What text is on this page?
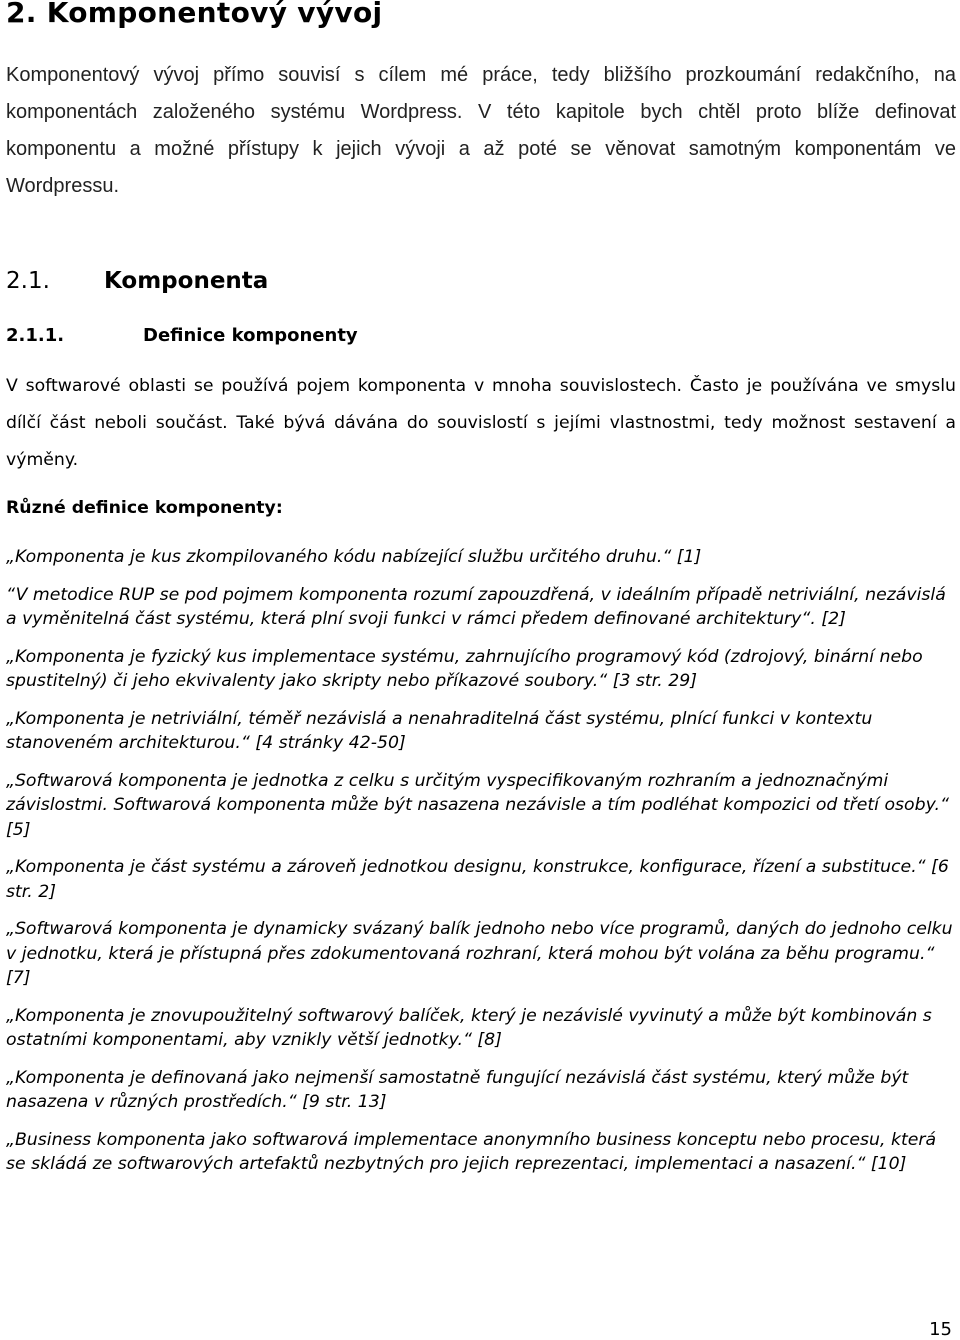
2. Komponentový vývoj

Komponentový vývoj přímo souvisí s cílem mé práce, tedy bližšího prozkoumání redakčního, na komponentách založeného systému Wordpress. V této kapitole bych chtěl proto blíže definovat komponentu a možné přístupy k jejich vývoji a až poté se věnovat samotným komponentám ve Wordpressu.

2.1. Komponenta
2.1.1.	Definice komponenty

V softwarové oblasti se používá pojem komponenta v mnoha souvislostech. Často je používána ve smyslu dílčí část neboli součást. Také bývá dávána do souvislostí s jejími vlastnostmi, tedy možnost sestavení a výměny.

Různé definice komponenty:

„Komponenta je kus zkompilovaného kódu nabízející službu určitého druhu.“ [1]
“V metodice RUP se pod pojmem komponenta rozumí zapouzdřená, v ideálním případě netriviální, nezávislá a vyměnitelná část systému, která plní svoji funkci v rámci předem definované architektury“. [2]
„Komponenta je fyzický kus implementace systému, zahrnujícího programový kód (zdrojový, binární nebo spustitelný) či jeho ekvivalenty jako skripty nebo příkazové soubory.“ [3 str. 29]
„Komponenta je netriviální, téměř nezávislá a nenahraditelná část systému, plnící funkci v kontextu stanoveném architekturou.“ [4 stránky 42-50]
„Softwarová komponenta je jednotka z celku s určitým vyspecifikovaným rozhraním a jednoznačnými závislostmi. Softwarová komponenta může být nasazena nezávisle a tím podléhat kompozici od třetí osoby.“ [5]
„Komponenta je část systému a zároveň jednotkou designu, konstrukce, konfigurace, řízení a substituce.“ [6 str. 2]
„Softwarová komponenta je dynamicky svázaný balík jednoho nebo více programů, daných do jednoho celku v jednotku, která je přístupná přes zdokumentovaná rozhraní, která mohou být volána za běhu programu.“ [7]
„Komponenta je znovupoužitelný softwarový balíček, který je nezávislé vyvinutý a může být kombinován s ostatními komponentami, aby vznikly větší jednotky.“ [8]
„Komponenta je definovaná jako nejmenší samostatně fungující nezávislá část systému, který může být nasazena v různých prostředích.“ [9 str. 13]
„Business komponenta jako softwarová implementace anonymního business konceptu nebo procesu, která se skládá ze softwarových artefaktů nezbytných pro jejich reprezentaci, implementaci a nasazení.“ [10]

15
